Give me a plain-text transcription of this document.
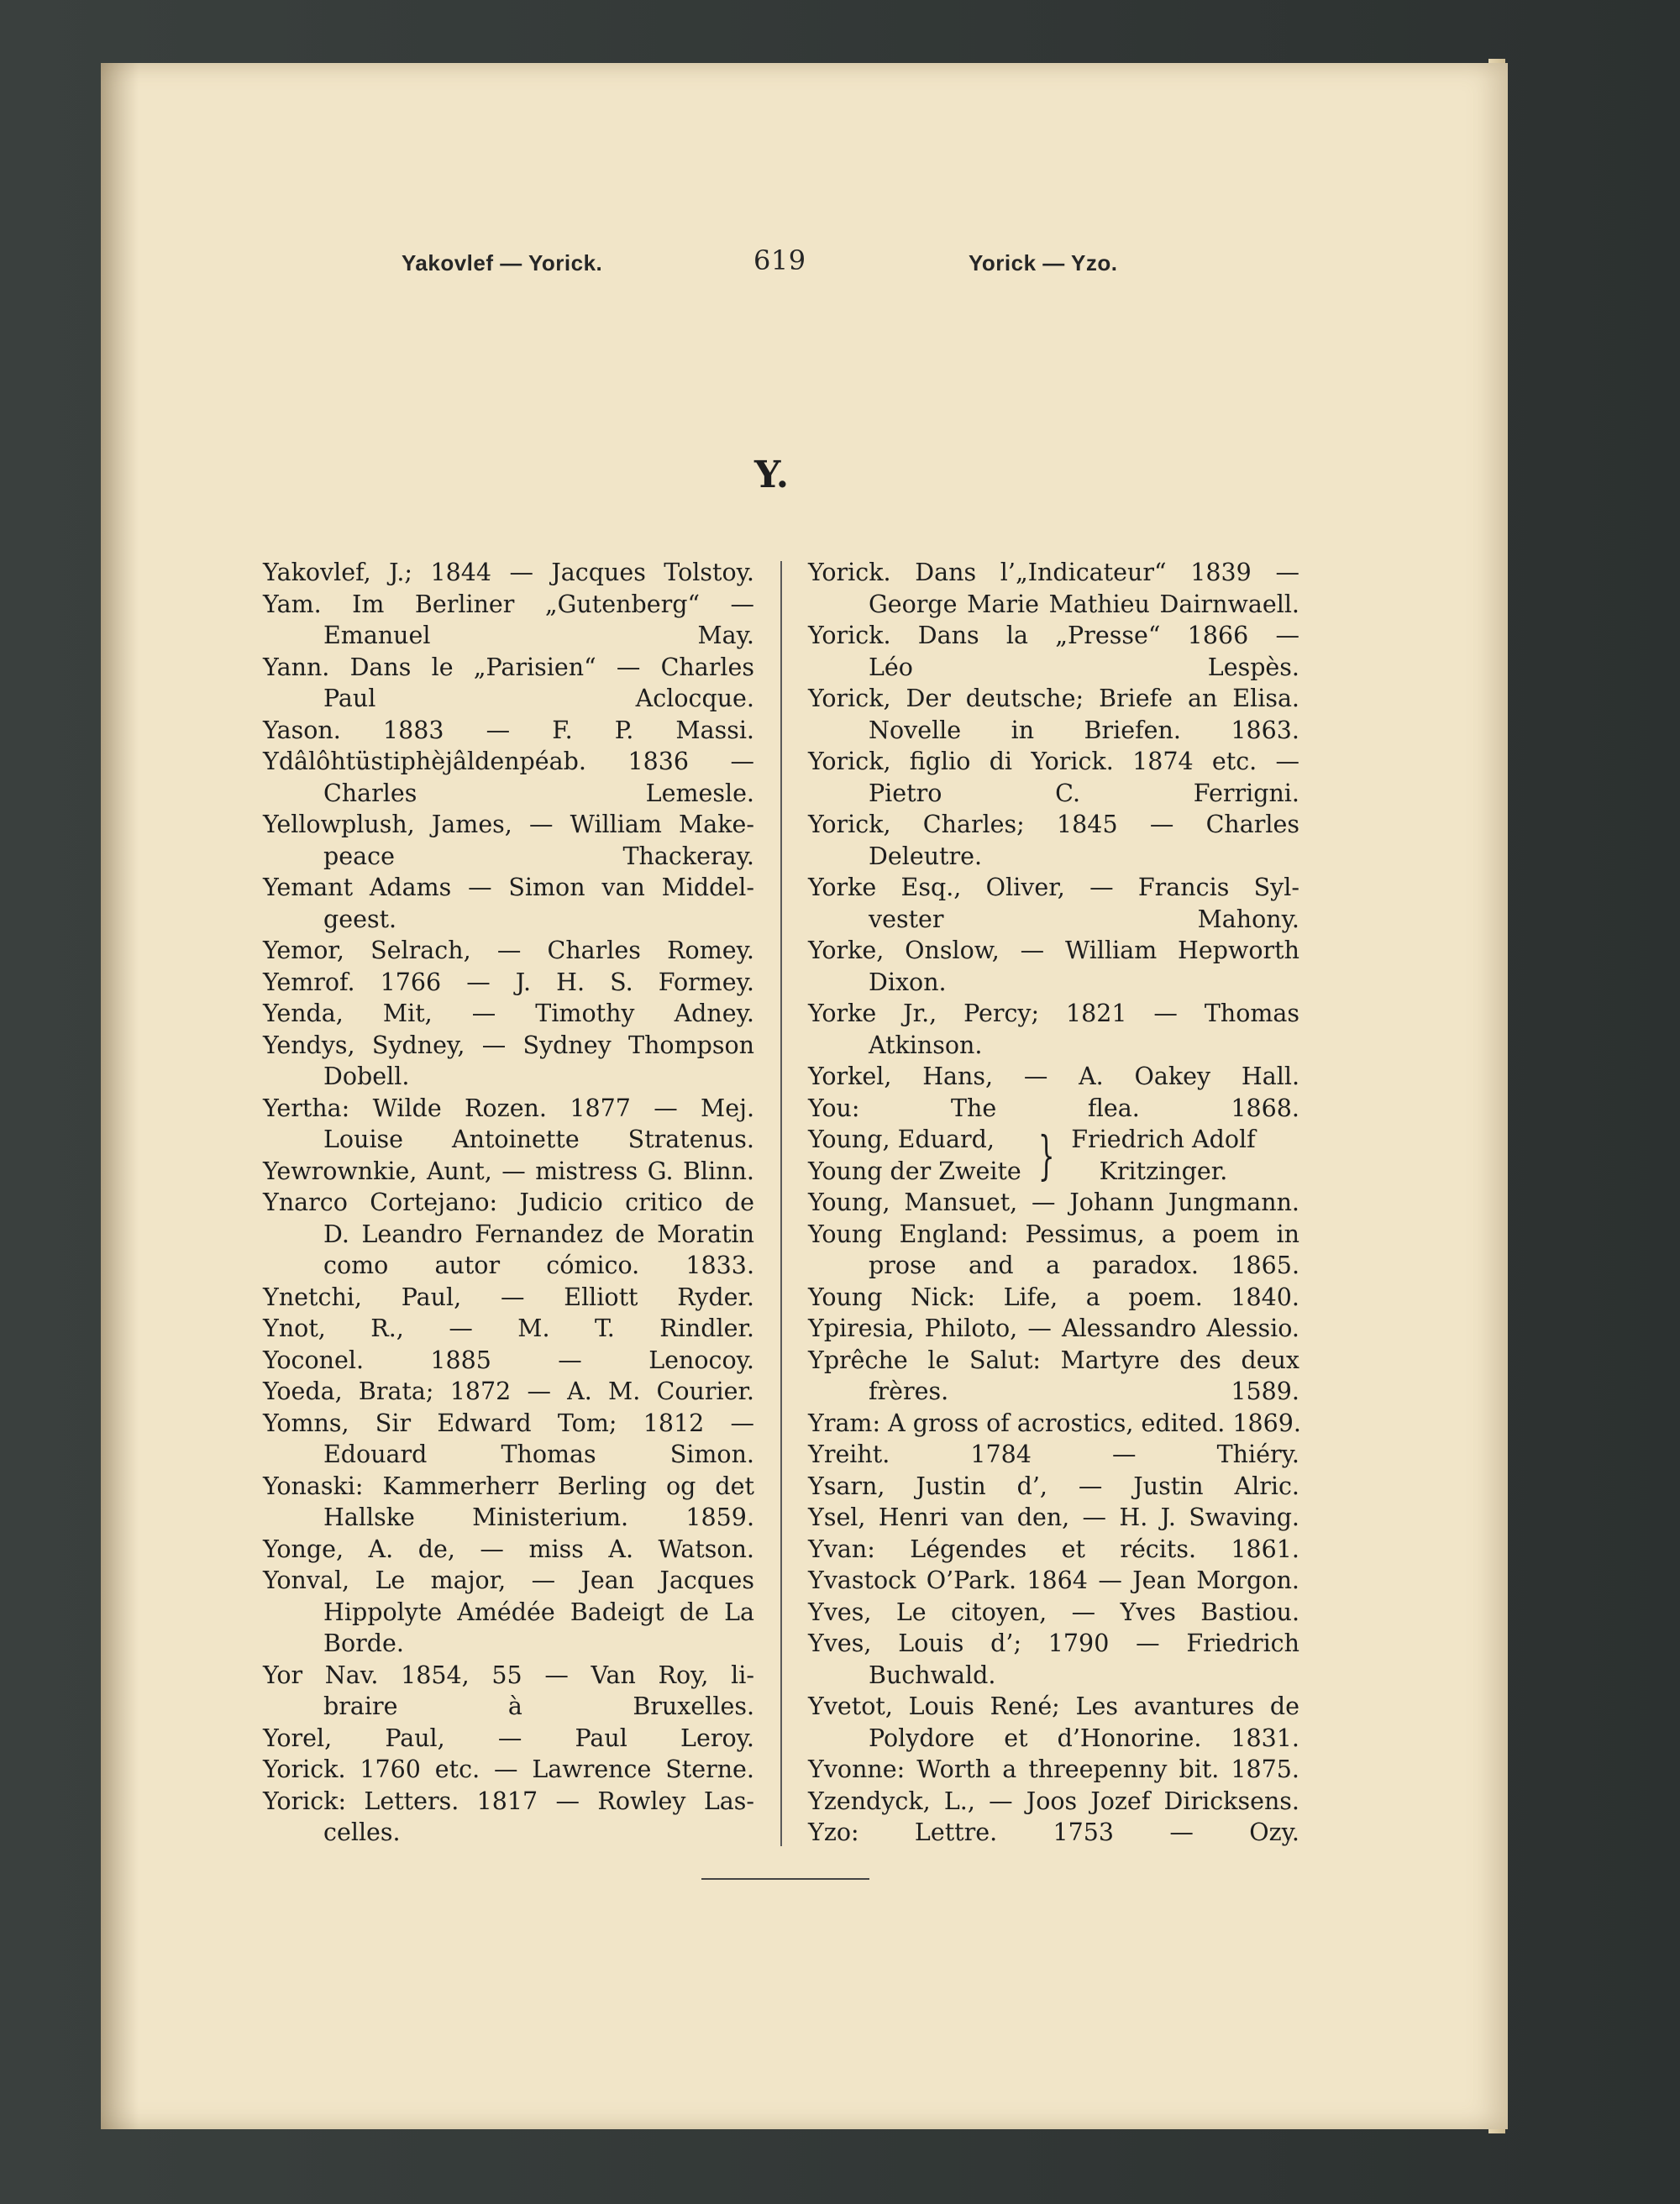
Yakovlef — Yorick.	619	Yorick — Yzo.
Y.
Yakovlef, J.; 1844 — Jacques Tolstoy.
Yam. Im Berliner „Gutenberg“ —
Emanuel May.
Yann. Dans le „Parisien“ — Charles
Paul Aclocque.
Yason. 1883 — F. P. Massi.
Ydâlôhtüstiphèjâldenpéab. 1836 —
Charles Lemesle.
Yellowplush, James, — William Make-
peace Thackeray.
Yemant Adams — Simon van Middel-
geest.
Yemor, Selrach, — Charles Romey.
Yemrof. 1766 — J. H. S. Formey.
Yenda, Mit, — Timothy Adney.
Yendys, Sydney, — Sydney Thompson
Dobell.
Yertha: Wilde Rozen. 1877 — Mej.
Louise Antoinette Stratenus.
Yewrownkie, Aunt, — mistress G. Blinn.
Ynarco Cortejano: Judicio critico de
D. Leandro Fernandez de Moratin
como autor cómico. 1833.
Ynetchi, Paul, — Elliott Ryder.
Ynot, R., — M. T. Rindler.
Yoconel. 1885 — Lenocoy.
Yoeda, Brata; 1872 — A. M. Courier.
Yomns, Sir Edward Tom; 1812 —
Edouard Thomas Simon.
Yonaski: Kammerherr Berling og det
Hallske Ministerium. 1859.
Yonge, A. de, — miss A. Watson.
Yonval, Le major, — Jean Jacques
Hippolyte Amédée Badeigt de La
Borde.
Yor Nav. 1854, 55 — Van Roy, li-
braire à Bruxelles.
Yorel, Paul, — Paul Leroy.
Yorick. 1760 etc. — Lawrence Sterne.
Yorick: Letters. 1817 — Rowley Las-
celles.
Yorick. Dans l’„Indicateur“ 1839 —
George Marie Mathieu Dairnwaell.
Yorick. Dans la „Presse“ 1866 —
Léo Lespès.
Yorick, Der deutsche; Briefe an Elisa.
Novelle in Briefen. 1863.
Yorick, figlio di Yorick. 1874 etc. —
Pietro C. Ferrigni.
Yorick, Charles; 1845 — Charles
Deleutre.
Yorke Esq., Oliver, — Francis Syl-
vester Mahony.
Yorke, Onslow, — William Hepworth
Dixon.
Yorke Jr., Percy; 1821 — Thomas
Atkinson.
Yorkel, Hans, — A. Oakey Hall.
You: The flea. 1868.
Young, Eduard,
Young der Zweite } Friedrich Adolf
Kritzinger.
Young, Mansuet, — Johann Jungmann.
Young England: Pessimus, a poem in
prose and a paradox. 1865.
Young Nick: Life, a poem. 1840.
Ypiresia, Philoto, — Alessandro Alessio.
Yprêche le Salut: Martyre des deux
frères. 1589.
Yram: A gross of acrostics, edited. 1869.
Yreiht. 1784 — Thiéry.
Ysarn, Justin d’, — Justin Alric.
Ysel, Henri van den, — H. J. Swaving.
Yvan: Légendes et récits. 1861.
Yvastock O’Park. 1864 — Jean Morgon.
Yves, Le citoyen, — Yves Bastiou.
Yves, Louis d’; 1790 — Friedrich
Buchwald.
Yvetot, Louis René; Les avantures de
Polydore et d’Honorine. 1831.
Yvonne: Worth a threepenny bit. 1875.
Yzendyck, L., — Joos Jozef Diricksens.
Yzo: Lettre. 1753 — Ozy.
